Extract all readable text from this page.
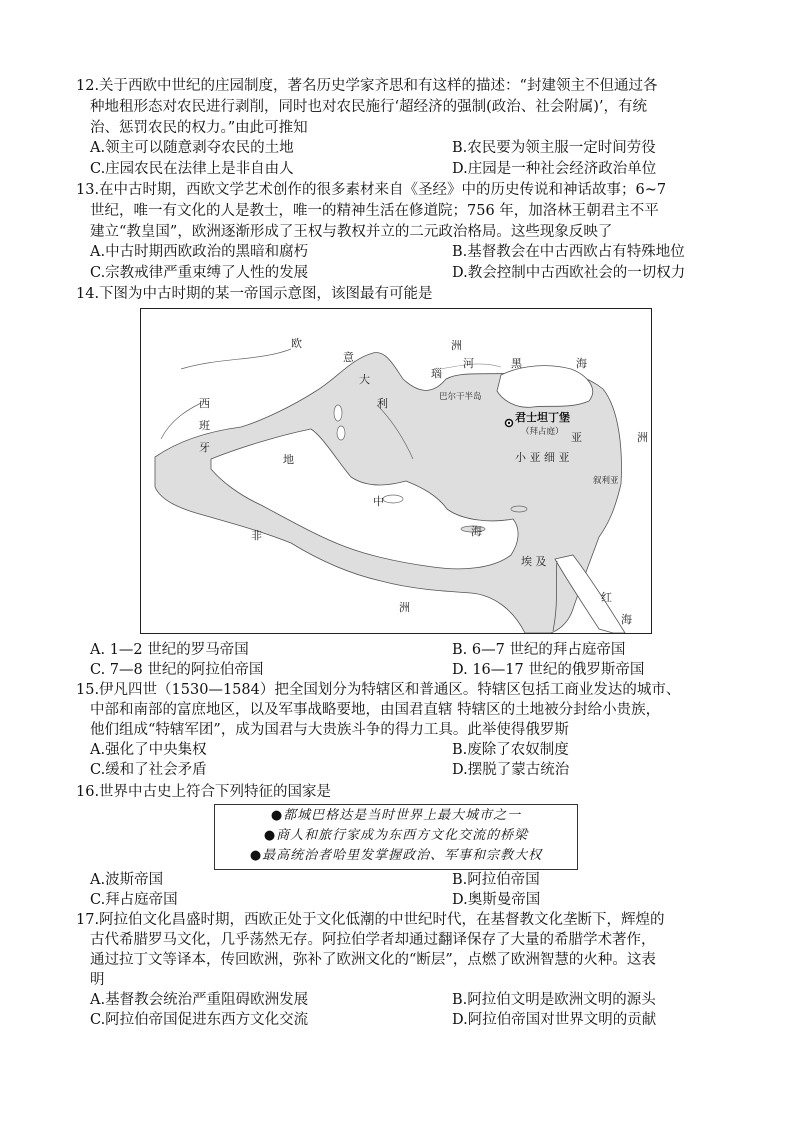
12.关于西欧中世纪的庄园制度，著名历史学家齐思和有这样的描述：“封建领主不但通过各
种地租形态对农民进行剥削，同时也对农民施行‘超经济的强制(政治、社会附属)’，有统
治、惩罚农民的权力。”由此可推知
A.领主可以随意剥夺农民的土地	B.农民要为领主服一定时间劳役
C.庄园农民在法律上是非自由人	D.庄园是一种社会经济政治单位
13.在中古时期，西欧文学艺术创作的很多素材来自《圣经》中的历史传说和神话故事；6~7
世纪，唯一有文化的人是教士，唯一的精神生活在修道院；756 年，加洛林王朝君主不平
建立“教皇国”，欧洲逐渐形成了王权与教权并立的二元政治格局。这些现象反映了
A.中古时期西欧政治的黑暗和腐朽	B.基督教会在中古西欧占有特殊地位
C.宗教戒律严重束缚了人性的发展	D.教会控制中古西欧社会的一切权力
14.下图为中古时期的某一帝国示意图，该图最有可能是
欧	洲
西
班
牙
意
大
利
瑙
河	黑	海
地
中
海
巴尔干半岛
君士坦丁堡
（拜占庭） 亚	洲
小 亚 细 亚
叙利亚
非
洲
埃 及
红
海
A. 1—2 世纪的罗马帝国	B. 6—7 世纪的拜占庭帝国
C. 7—8 世纪的阿拉伯帝国	D. 16—17 世纪的俄罗斯帝国
15.伊凡四世（1530—1584）把全国划分为特辖区和普通区。特辖区包括工商业发达的城市、
中部和南部的富庶地区，以及军事战略要地，由国君直辖 特辖区的土地被分封给小贵族，
他们组成“特辖军团”，成为国君与大贵族斗争的得力工具。此举使得俄罗斯
A.强化了中央集权	B.废除了农奴制度
C.缓和了社会矛盾	D.摆脱了蒙古统治
16.世界中古史上符合下列特征的国家是
A.波斯帝国	B.阿拉伯帝国
C.拜占庭帝国	D.奥斯曼帝国
17.阿拉伯文化昌盛时期，西欧正处于文化低潮的中世纪时代，在基督教文化垄断下，辉煌的
古代希腊罗马文化，几乎荡然无存。阿拉伯学者却通过翻译保存了大量的希腊学术著作，
通过拉丁文等译本，传回欧洲，弥补了欧洲文化的“断层”，点燃了欧洲智慧的火种。这表
明
A.基督教会统治严重阻碍欧洲发展	B.阿拉伯文明是欧洲文明的源头
C.阿拉伯帝国促进东西方文化交流	D.阿拉伯帝国对世界文明的贡献
●都城巴格达是当时世界上最大城市之一
●商人和旅行家成为东西方文化交流的桥梁
●最高统治者哈里发掌握政治、军事和宗教大权
